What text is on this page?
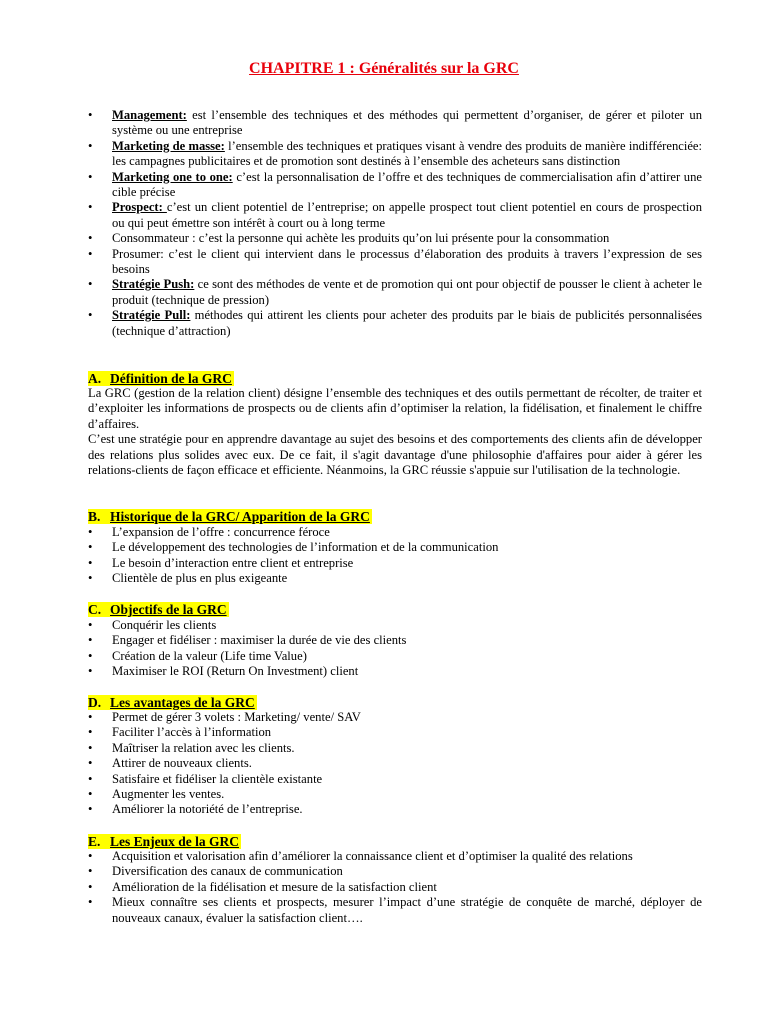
CHAPITRE 1 : Généralités sur la GRC
• Management: est l’ensemble des techniques et des méthodes qui permettent d’organiser, de gérer et piloter un système ou une entreprise
• Marketing de masse: l’ensemble des techniques et pratiques visant à vendre des produits de manière indifférenciée: les campagnes publicitaires et de promotion sont destinés à l’ensemble des acheteurs sans distinction
• Marketing one to one: c’est la personnalisation de l’offre et des techniques de commercialisation afin d’attirer une cible précise
• Prospect: c’est un client potentiel de l’entreprise; on appelle prospect tout client potentiel en cours de prospection ou qui peut émettre son intérêt à court ou à long terme
• Consommateur : c’est la personne qui achète les produits qu’on lui présente pour la consommation
• Prosumer: c’est le client qui intervient dans le processus d’élaboration des produits à travers l’expression de ses besoins
• Stratégie Push: ce sont des méthodes de vente et de promotion qui ont pour objectif de pousser le client à acheter le produit (technique de pression)
• Stratégie Pull: méthodes qui attirent les clients pour acheter des produits par le biais de publicités personnalisées (technique d’attraction)
A. Définition de la GRC

La GRC (gestion de la relation client) désigne l’ensemble des techniques et des outils permettant de récolter, de traiter et d’exploiter les informations de prospects ou de clients afin d’optimiser la relation, la fidélisation, et finalement le chiffre d’affaires.

C’est une stratégie pour en apprendre davantage au sujet des besoins et des comportements des clients afin de développer des relations plus solides avec eux. De ce fait, il s'agit davantage d'une philosophie d'affaires pour aider à gérer les relations-clients de façon efficace et efficiente. Néanmoins, la GRC réussie s'appuie sur l'utilisation de la technologie.

B. Historique de la GRC/ Apparition de la GRC
• L’expansion de l’offre : concurrence féroce
• Le développement des technologies de l’information et de la communication
• Le besoin d’interaction entre client et entreprise
• Clientèle de plus en plus exigeante
C. Objectifs de la GRC
• Conquérir les clients
• Engager et fidéliser : maximiser la durée de vie des clients
• Création de la valeur (Life time Value)
• Maximiser le ROI (Return On Investment) client
D. Les avantages de la GRC
• Permet de gérer 3 volets : Marketing/ vente/ SAV
• Faciliter l’accès à l’information
• Maîtriser la relation avec les clients.
• Attirer de nouveaux clients.
• Satisfaire et fidéliser la clientèle existante
• Augmenter les ventes.
• Améliorer la notoriété de l’entreprise.
E. Les Enjeux de la GRC
• Acquisition et valorisation afin d’améliorer la connaissance client et d’optimiser la qualité des relations
• Diversification des canaux de communication
• Amélioration de la fidélisation et mesure de la satisfaction client
• Mieux connaître ses clients et prospects, mesurer l’impact d’une stratégie de conquête de marché, déployer de nouveaux canaux, évaluer la satisfaction client….
